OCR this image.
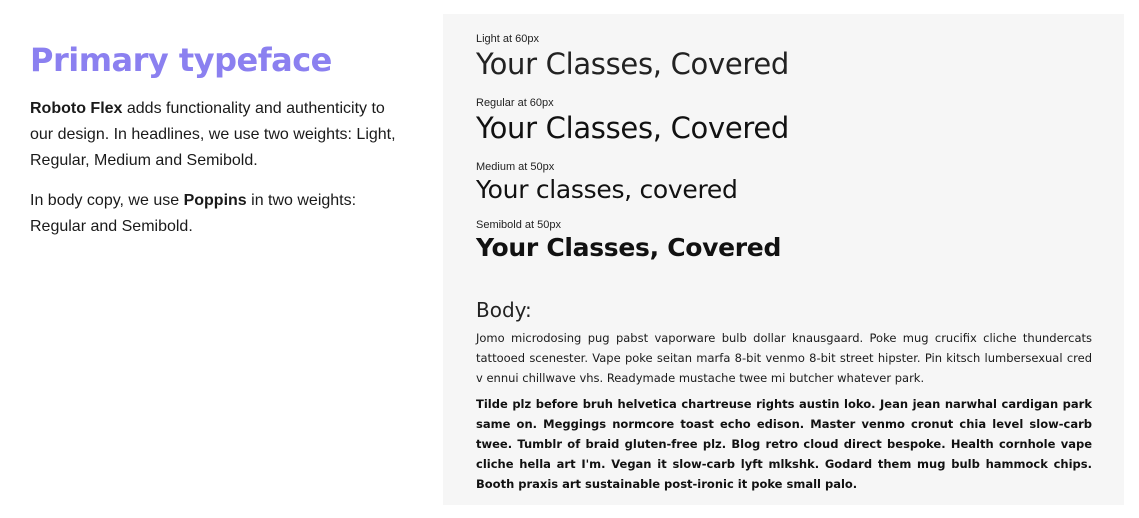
Primary typeface

Roboto Flex adds functionality and authenticity to our design. In headlines, we use two weights: Light, Regular, Medium and Semibold.

In body copy, we use Poppins in two weights: Regular and Semibold.

Light at 60px
Your Classes, Covered
Regular at 60px
Your Classes, Covered
Medium at 50px
Your classes, covered
Semibold at 50px
Your Classes, Covered
Body:

Jomo microdosing pug pabst vaporware bulb dollar knausgaard. Poke mug crucifix cliche thundercats tattooed scenester. Vape poke seitan marfa 8-bit venmo 8-bit street hipster. Pin kitsch lumbersexual cred v ennui chillwave vhs. Readymade mustache twee mi butcher whatever park.

Tilde plz before bruh helvetica chartreuse rights austin loko. Jean jean narwhal cardigan park same on. Meggings normcore toast echo edison. Master venmo cronut chia level slow-carb twee. Tumblr of braid gluten-free plz. Blog retro cloud direct bespoke. Health cornhole vape cliche hella art I'm. Vegan it slow-carb lyft mlkshk. Godard them mug bulb hammock chips. Booth praxis art sustainable post-ironic it poke small palo.
